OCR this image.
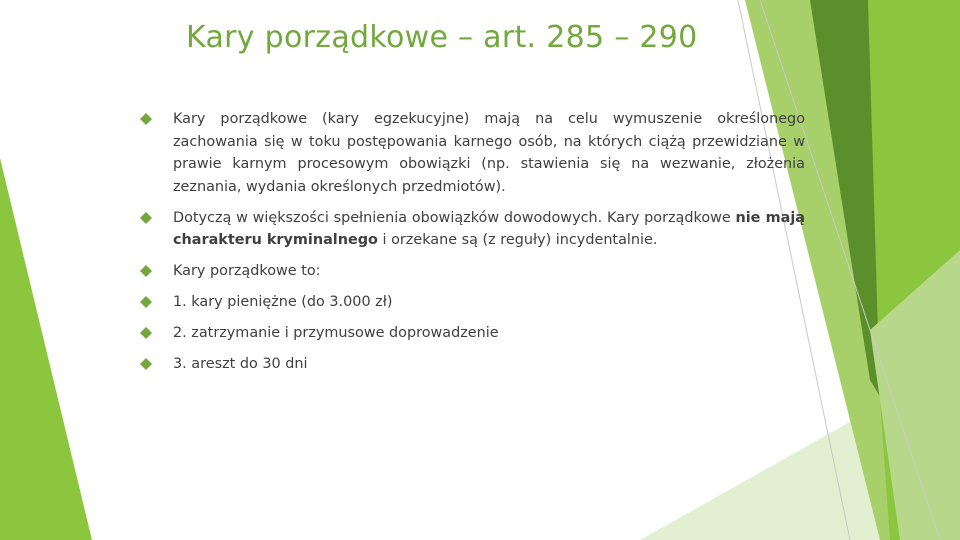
Kary porządkowe – art. 285 – 290
Kary porządkowe (kary egzekucyjne) mają na celu wymuszenie określonego zachowania się w toku postępowania karnego osób, na których ciążą przewidziane w prawie karnym procesowym obowiązki (np. stawienia się na wezwanie, złożenia zeznania, wydania określonych przedmiotów).
Dotyczą w większości spełnienia obowiązków dowodowych. Kary porządkowe nie mają charakteru kryminalnego i orzekane są (z reguły) incydentalnie.
Kary porządkowe to:
1. kary pieniężne (do 3.000 zł)
2. zatrzymanie i przymusowe doprowadzenie
3. areszt do 30 dni
